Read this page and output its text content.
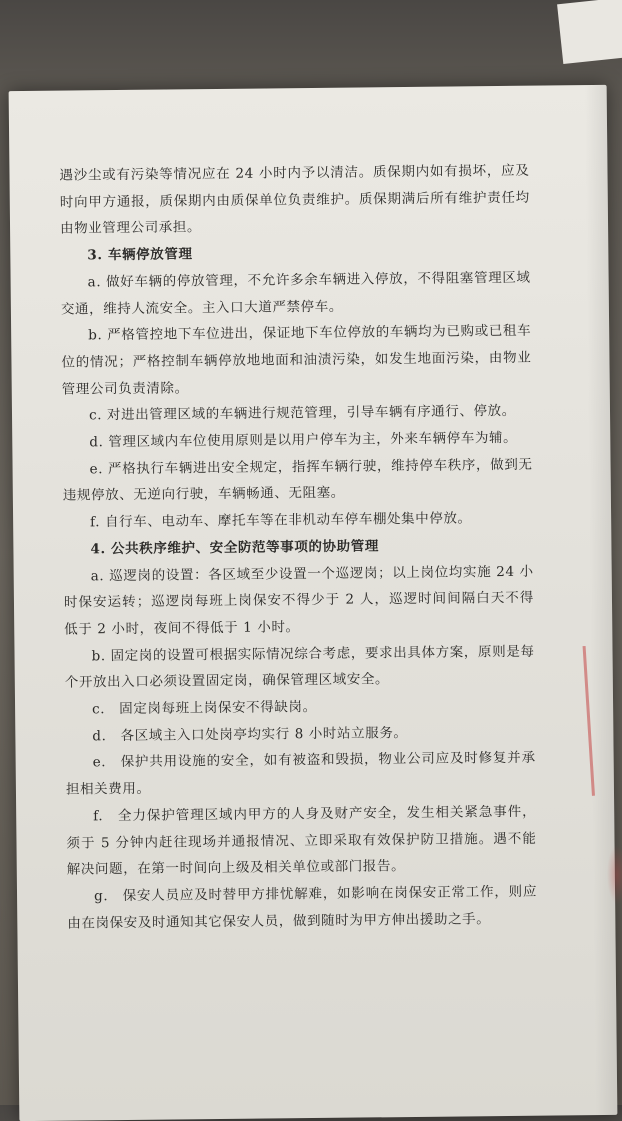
遇沙尘或有污染等情况应在 24 小时内予以清洁。质保期内如有损坏，应及时向甲方通报，质保期内由质保单位负责维护。质保期满后所有维护责任均由物业管理公司承担。

3. 车辆停放管理

a. 做好车辆的停放管理，不允许多余车辆进入停放，不得阻塞管理区域交通，维持人流安全。主入口大道严禁停车。

b. 严格管控地下车位进出，保证地下车位停放的车辆均为已购或已租车位的情况；严格控制车辆停放地地面和油渍污染，如发生地面污染，由物业管理公司负责清除。

c. 对进出管理区域的车辆进行规范管理，引导车辆有序通行、停放。

d. 管理区域内车位使用原则是以用户停车为主，外来车辆停车为辅。

e. 严格执行车辆进出安全规定，指挥车辆行驶，维持停车秩序，做到无违规停放、无逆向行驶，车辆畅通、无阻塞。

f. 自行车、电动车、摩托车等在非机动车停车棚处集中停放。

4. 公共秩序维护、安全防范等事项的协助管理

a. 巡逻岗的设置：各区域至少设置一个巡逻岗；以上岗位均实施 24 小时保安运转；巡逻岗每班上岗保安不得少于 2 人，巡逻时间间隔白天不得低于 2 小时，夜间不得低于 1 小时。

b. 固定岗的设置可根据实际情况综合考虑，要求出具体方案，原则是每个开放出入口必须设置固定岗，确保管理区域安全。

c.　固定岗每班上岗保安不得缺岗。

d.　各区域主入口处岗亭均实行 8 小时站立服务。

e.　保护共用设施的安全，如有被盗和毁损，物业公司应及时修复并承担相关费用。

f.　全力保护管理区域内甲方的人身及财产安全，发生相关紧急事件，须于 5 分钟内赶往现场并通报情况、立即采取有效保护防卫措施。遇不能解决问题，在第一时间向上级及相关单位或部门报告。

g.　保安人员应及时替甲方排忧解难，如影响在岗保安正常工作，则应由在岗保安及时通知其它保安人员，做到随时为甲方伸出援助之手。
